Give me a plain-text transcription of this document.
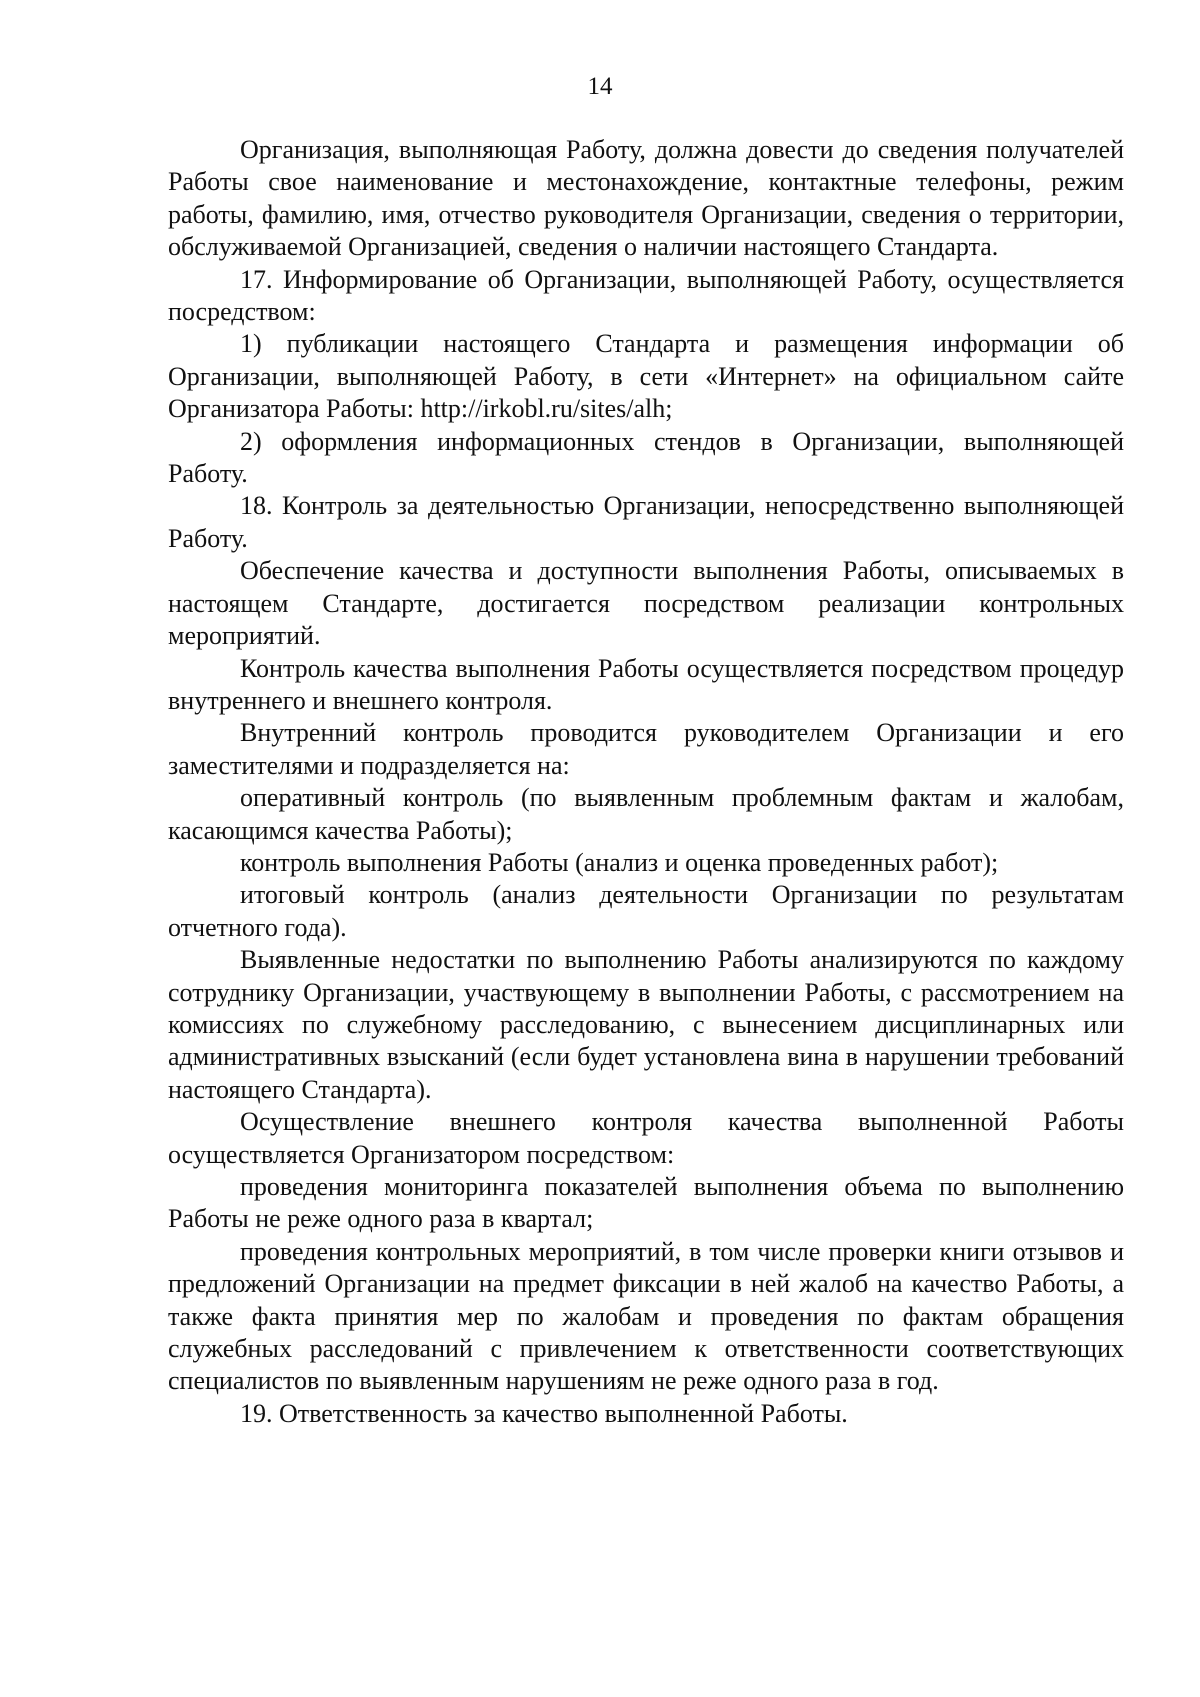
14

Организация, выполняющая Работу, должна довести до сведения получателей Работы свое наименование и местонахождение, контактные телефоны, режим работы, фамилию, имя, отчество руководителя Организации, сведения о территории, обслуживаемой Организацией, сведения о наличии настоящего Стандарта.

17. Информирование об Организации, выполняющей Работу, осуществляется посредством:

1) публикации настоящего Стандарта и размещения информации об Организации, выполняющей Работу, в сети «Интернет» на официальном сайте Организатора Работы: http://irkobl.ru/sites/alh;

2) оформления информационных стендов в Организации, выполняющей Работу.

18. Контроль за деятельностью Организации, непосредственно выполняющей Работу.

Обеспечение качества и доступности выполнения Работы, описываемых в настоящем Стандарте, достигается посредством реализации контрольных мероприятий.

Контроль качества выполнения Работы осуществляется посредством процедур внутреннего и внешнего контроля.

Внутренний контроль проводится руководителем Организации и его заместителями и подразделяется на:

оперативный контроль (по выявленным проблемным фактам и жалобам, касающимся качества Работы);

контроль выполнения Работы (анализ и оценка проведенных работ);

итоговый контроль (анализ деятельности Организации по результатам отчетного года).

Выявленные недостатки по выполнению Работы анализируются по каждому сотруднику Организации, участвующему в выполнении Работы, с рассмотрением на комиссиях по служебному расследованию, с вынесением дисциплинарных или административных взысканий (если будет установлена вина в нарушении требований настоящего Стандарта).

Осуществление внешнего контроля качества выполненной Работы осуществляется Организатором посредством:

проведения мониторинга показателей выполнения объема по выполнению Работы не реже одного раза в квартал;

проведения контрольных мероприятий, в том числе проверки книги отзывов и предложений Организации на предмет фиксации в ней жалоб на качество Работы, а также факта принятия мер по жалобам и проведения по фактам обращения служебных расследований с привлечением к ответственности соответствующих специалистов по выявленным нарушениям не реже одного раза в год.

19. Ответственность за качество выполненной Работы.
